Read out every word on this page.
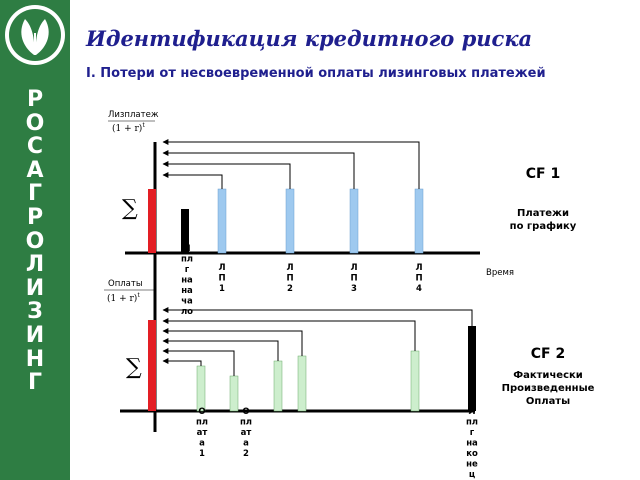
Р
О
С
А
Г
Р
О
Л
И
З
И
Н
Г
Идентификация кредитного риска
I. Потери от несвоевременной оплаты лизинговых платежей
Лизплатеж
$(1 + r)^t$
∑
CF 1
Платежи
по графику
Время
Л пл г на на ча ло
Л П 1
Л П 2
Л П 3
Л П 4
Оплаты
$(1 + r)^t$
∑
CF 2
Фактически
Произведенные
Оплаты
О пл ат а 1
О пл ат а 2
Л пл г на ко не ц
